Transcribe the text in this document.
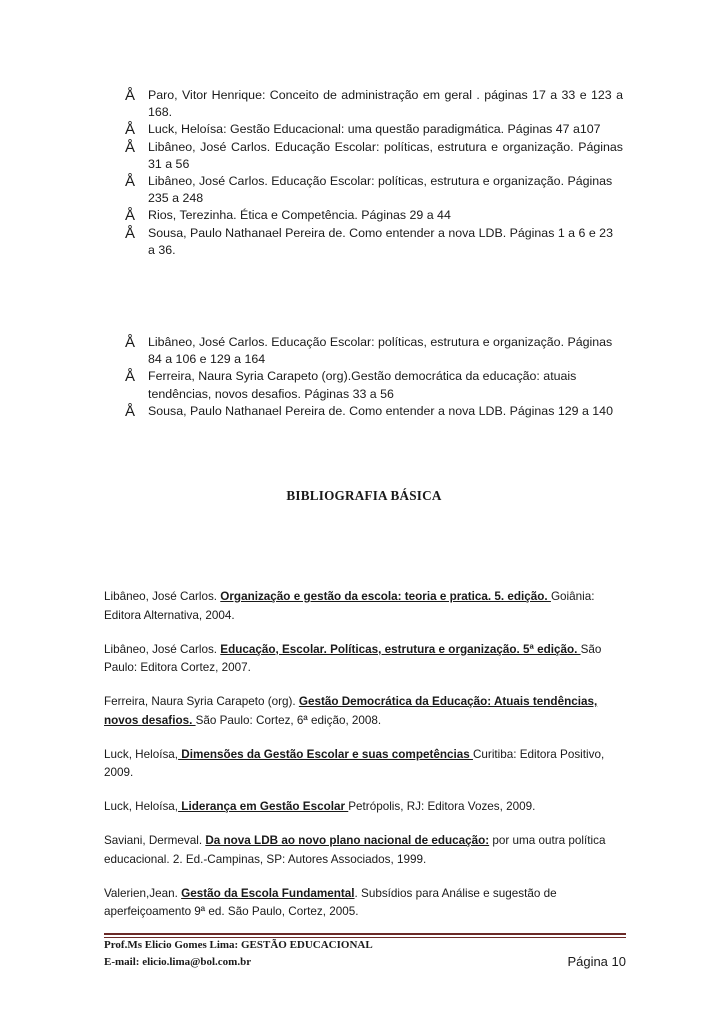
Å Paro, Vitor Henrique: Conceito de administração em geral . páginas 17 a 33 e 123 a 168.

Å Luck, Heloísa: Gestão Educacional: uma questão paradigmática. Páginas 47 a107

Å Libâneo, José Carlos. Educação Escolar: políticas, estrutura e organização. Páginas 31 a 56

Å Libâneo, José Carlos. Educação Escolar: políticas, estrutura e organização. Páginas 235 a 248

Å Rios, Terezinha. Ética e Competência. Páginas 29 a 44

Å Sousa, Paulo Nathanael Pereira de. Como entender a nova LDB. Páginas 1 a 6 e 23 a 36.

Å Libâneo, José Carlos. Educação Escolar: políticas, estrutura e organização. Páginas 84 a 106 e 129 a 164

Å Ferreira, Naura Syria Carapeto (org).Gestão democrática da educação: atuais tendências, novos desafios. Páginas 33 a 56

Å Sousa, Paulo Nathanael Pereira de. Como entender a nova LDB. Páginas 129 a 140

BIBLIOGRAFIA BÁSICA

Libâneo, José Carlos. Organização e gestão da escola: teoria e pratica. 5. edição. Goiânia: Editora Alternativa, 2004.

Libâneo, José Carlos. Educação, Escolar. Políticas, estrutura e organização. 5ª edição. São Paulo: Editora Cortez, 2007.

Ferreira, Naura Syria Carapeto (org). Gestão Democrática da Educação: Atuais tendências, novos desafios. São Paulo: Cortez, 6ª edição, 2008.

Luck, Heloísa, Dimensões da Gestão Escolar e suas competências Curitiba: Editora Positivo, 2009.

Luck, Heloísa, Liderança em Gestão Escolar Petrópolis, RJ: Editora Vozes, 2009.

Saviani, Dermeval. Da nova LDB ao novo plano nacional de educação: por uma outra política educacional. 2. Ed.-Campinas, SP: Autores Associados, 1999.

Valerien,Jean. Gestão da Escola Fundamental. Subsídios para Análise e sugestão de aperfeiçoamento 9ª ed. São Paulo, Cortez, 2005.

Prof.Ms Elicio Gomes Lima: GESTÃO EDUCACIONAL
E-mail: elicio.lima@bol.com.br	Página 10
